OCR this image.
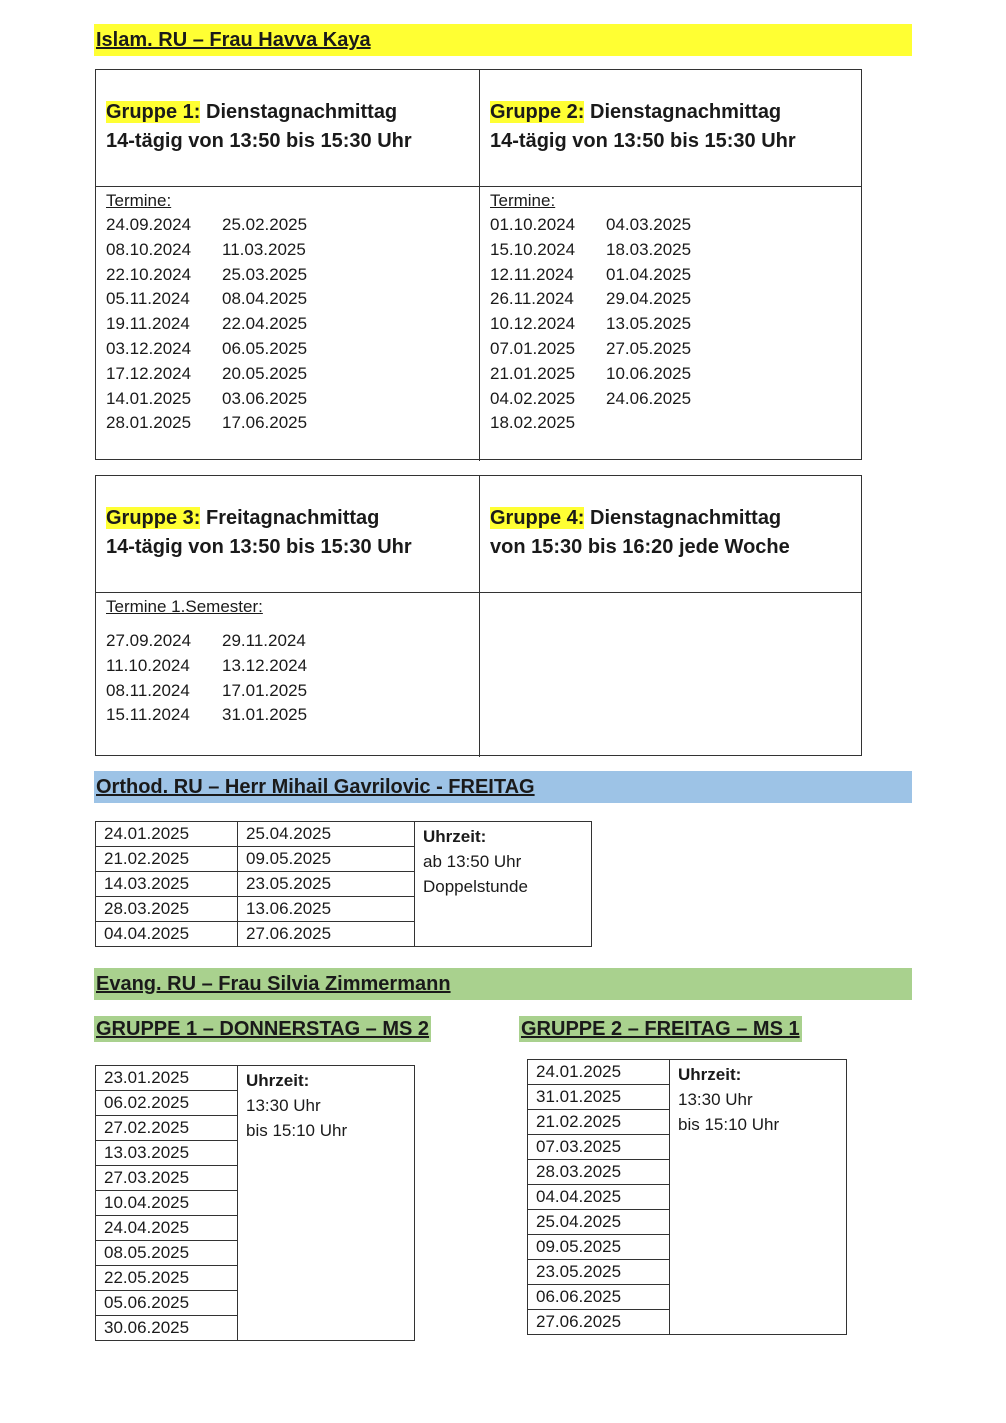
Islam. RU – Frau Havva Kaya
Gruppe 1: Dienstagnachmittag
14-tägig von 13:50 bis 15:30 Uhr
Gruppe 2: Dienstagnachmittag
14-tägig von 13:50 bis 15:30 Uhr
Termine:
24.09.2024	25.02.2025
08.10.2024	11.03.2025
22.10.2024	25.03.2025
05.11.2024	08.04.2025
19.11.2024	22.04.2025
03.12.2024	06.05.2025
17.12.2024	20.05.2025
14.01.2025	03.06.2025
28.01.2025	17.06.2025
Termine:
01.10.2024	04.03.2025
15.10.2024	18.03.2025
12.11.2024	01.04.2025
26.11.2024	29.04.2025
10.12.2024	13.05.2025
07.01.2025	27.05.2025
21.01.2025	10.06.2025
04.02.2025	24.06.2025
18.02.2025
Gruppe 3: Freitagnachmittag
14-tägig von 13:50 bis 15:30 Uhr
Gruppe 4: Dienstagnachmittag
von 15:30 bis 16:20 jede Woche
Termine 1.Semester:
27.09.2024	29.11.2024
11.10.2024	13.12.2024
08.11.2024	17.01.2025
15.11.2024	31.01.2025
Orthod. RU – Herr Mihail Gavrilovic - FREITAG
24.01.2025	25.04.2025	Uhrzeit:
ab 13:50 Uhr
Doppelstunde

21.02.2025	09.05.2025	
14.03.2025	23.05.2025	
28.03.2025	13.06.2025	
04.04.2025	27.06.2025	
Evang. RU – Frau Silvia Zimmermann
GRUPPE 1 – DONNERSTAG – MS 2	GRUPPE 2 – FREITAG – MS 1
23.01.2025	Uhrzeit:
13:30 Uhr
bis 15:10 Uhr

06.02.2025
27.02.2025
13.03.2025
27.03.2025
10.04.2025
24.04.2025
08.05.2025
22.05.2025
05.06.2025
30.06.2025
24.01.2025	Uhrzeit:
13:30 Uhr
bis 15:10 Uhr

31.01.2025
21.02.2025
07.03.2025
28.03.2025
04.04.2025
25.04.2025
09.05.2025
23.05.2025
06.06.2025
27.06.2025
